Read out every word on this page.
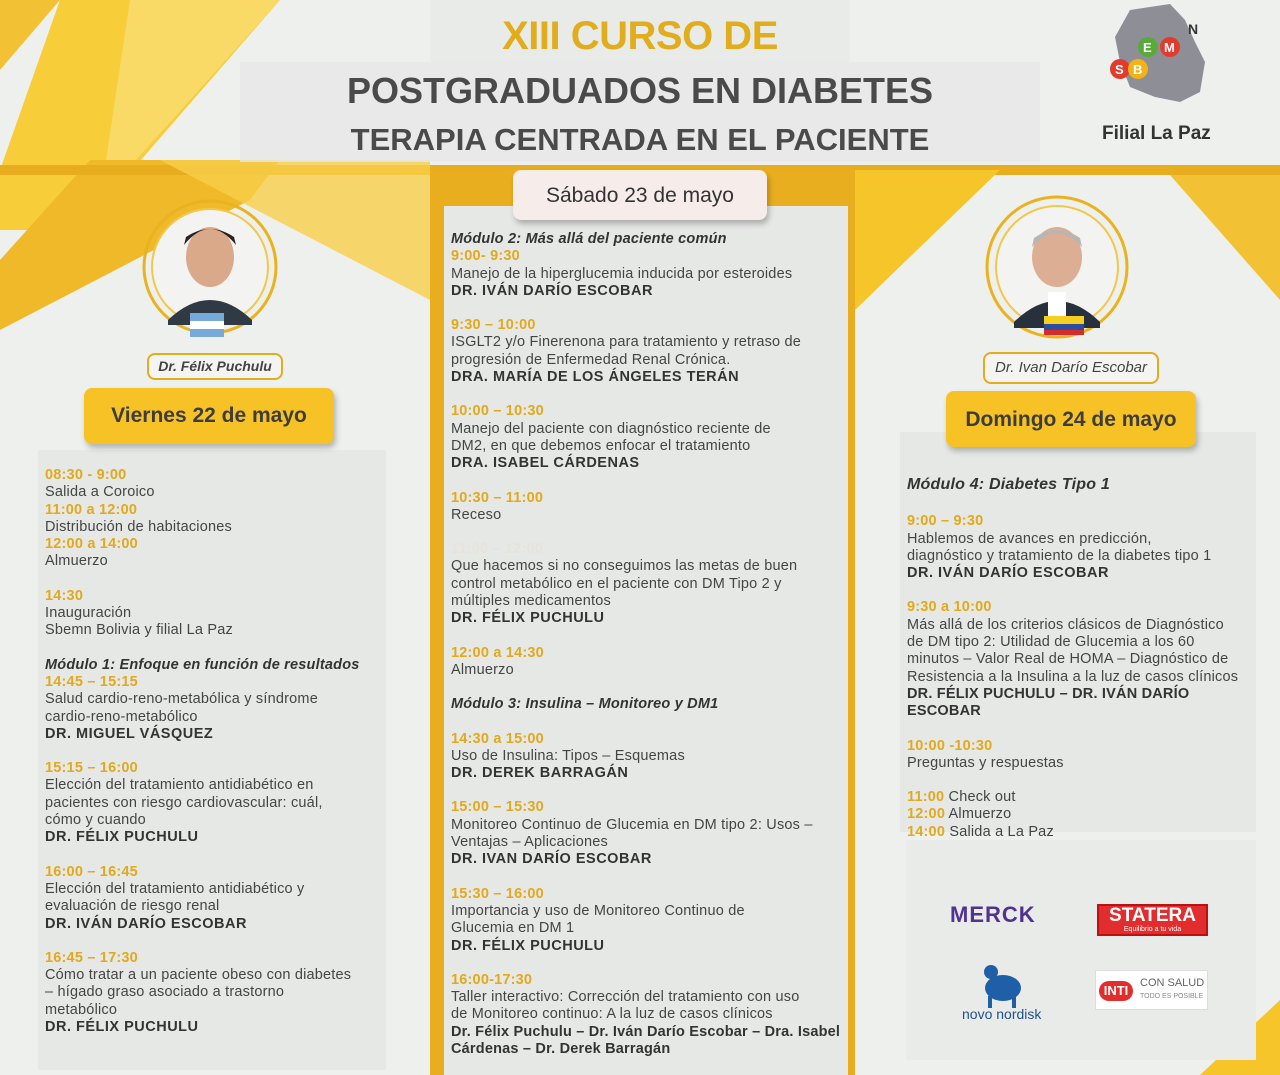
XIII CURSO DE
POSTGRADUADOS EN DIABETES
TERAPIA CENTRADA EN EL PACIENTE
S B
E M
N
Filial La Paz
Dr. Félix Puchulu
Viernes 22 de mayo
08:30 - 9:00
Salida a Coroico
11:00 a 12:00
Distribución de habitaciones
12:00 a 14:00
Almuerzo
14:30
Inauguración
Sbemn Bolivia y filial La Paz
Módulo 1: Enfoque en función de resultados
14:45 – 15:15
Salud cardio-reno-metabólica y síndrome
cardio-reno-metabólico
DR. MIGUEL VÁSQUEZ
15:15 – 16:00
Elección del tratamiento antidiabético en
pacientes con riesgo cardiovascular: cuál,
cómo y cuando
DR. FÉLIX PUCHULU
16:00 – 16:45
Elección del tratamiento antidiabético y
evaluación de riesgo renal
DR. IVÁN DARÍO ESCOBAR
16:45 – 17:30
Cómo tratar a un paciente obeso con diabetes
– hígado graso asociado a trastorno
metabólico
DR. FÉLIX PUCHULU
Sábado 23 de mayo
Módulo 2: Más allá del paciente común
9:00- 9:30
Manejo de la hiperglucemia inducida por esteroides
DR. IVÁN DARÍO ESCOBAR
9:30 – 10:00
ISGLT2 y/o Finerenona para tratamiento y retraso de
progresión de Enfermedad Renal Crónica.
DRA. MARÍA DE LOS ÁNGELES TERÁN
10:00 – 10:30
Manejo del paciente con diagnóstico reciente de
DM2, en que debemos enfocar el tratamiento
DRA. ISABEL CÁRDENAS
10:30 – 11:00
Receso
11:00 – 12:00
Que hacemos si no conseguimos las metas de buen
control metabólico en el paciente con DM Tipo 2 y
múltiples medicamentos
DR. FÉLIX PUCHULU
12:00 a 14:30
Almuerzo
Módulo 3: Insulina – Monitoreo y DM1
14:30 a 15:00
Uso de Insulina: Tipos – Esquemas
DR. DEREK BARRAGÁN
15:00 – 15:30
Monitoreo Continuo de Glucemia en DM tipo 2: Usos –
Ventajas – Aplicaciones
DR. IVAN DARÍO ESCOBAR
15:30 – 16:00
Importancia y uso de Monitoreo Continuo de
Glucemia en DM 1
DR. FÉLIX PUCHULU
16:00-17:30
Taller interactivo: Corrección del tratamiento con uso
de Monitoreo continuo: A la luz de casos clínicos
Dr. Félix Puchulu – Dr. Iván Darío Escobar – Dra. Isabel
Cárdenas – Dr. Derek Barragán
Dr. Ivan Darío Escobar
Domingo 24 de mayo
Módulo 4: Diabetes Tipo 1
9:00 – 9:30
Hablemos de avances en predicción,
diagnóstico y tratamiento de la diabetes tipo 1
DR. IVÁN DARÍO ESCOBAR
9:30 a 10:00
Más allá de los criterios clásicos de Diagnóstico
de DM tipo 2: Utilidad de Glucemia a los 60
minutos – Valor Real de HOMA – Diagnóstico de
Resistencia a la Insulina a la luz de casos clínicos
DR. FÉLIX PUCHULU – DR. IVÁN DARÍO ESCOBAR
10:00 -10:30
Preguntas y respuestas
11:00 Check out
12:00 Almuerzo
14:00 Salida a La Paz
MERCK	STATERA
Equilibrio a tu vida
novo nordisk
INTI	CON SALUD
TODO ES POSIBLE
